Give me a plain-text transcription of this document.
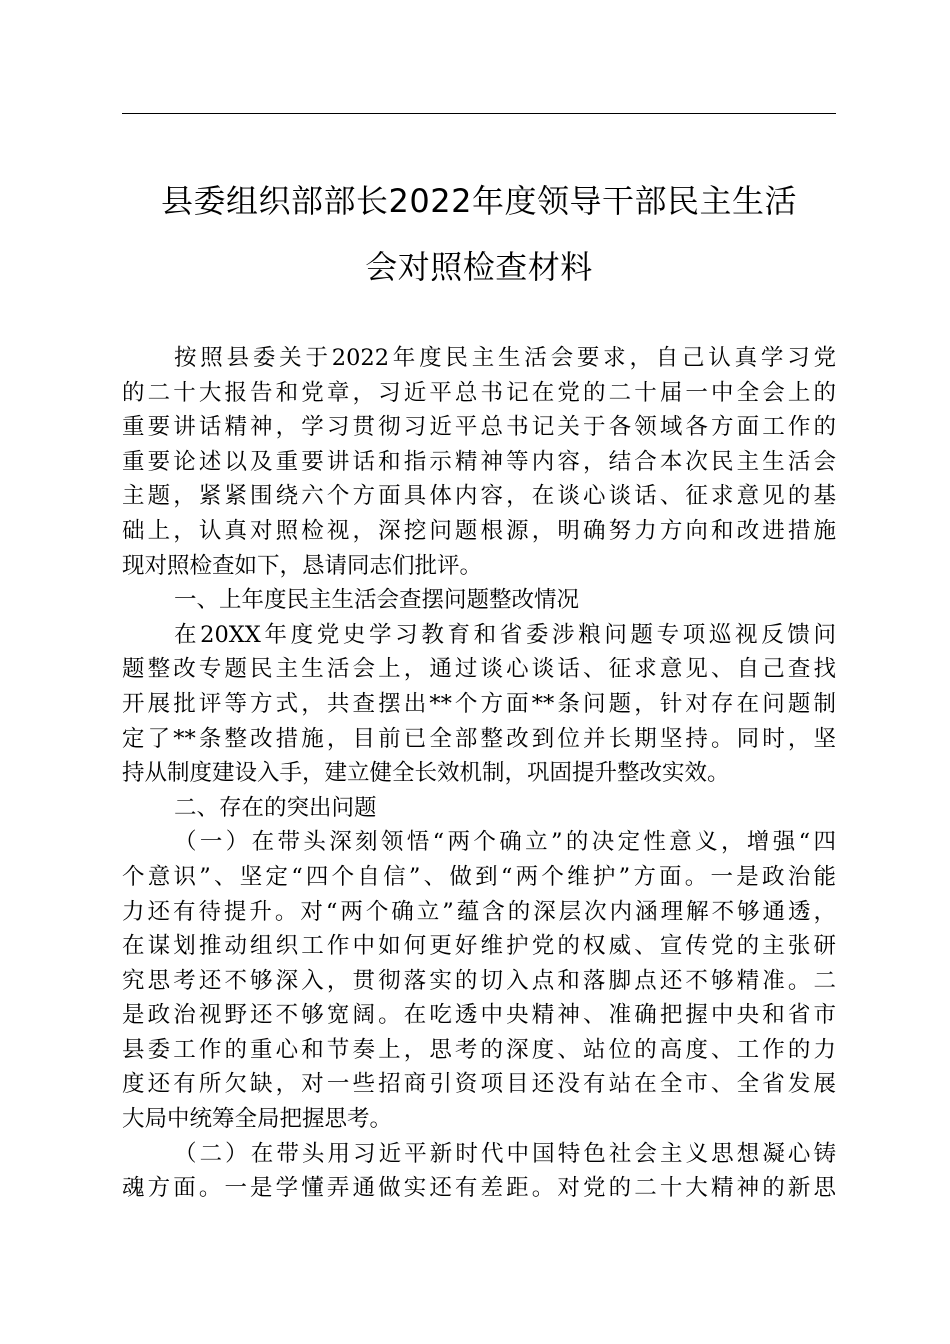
县委组织部部长2022年度领导干部民主生活
会对照检查材料
按照县委关于2022年度民主生活会要求，自己认真学习党
的二十大报告和党章，习近平总书记在党的二十届一中全会上的
重要讲话精神，学习贯彻习近平总书记关于各领域各方面工作的
重要论述以及重要讲话和指示精神等内容，结合本次民主生活会
主题，紧紧围绕六个方面具体内容，在谈心谈话、征求意见的基
础上，认真对照检视，深挖问题根源，明确努力方向和改进措施
现对照检查如下，恳请同志们批评。
一、上年度民主生活会查摆问题整改情况
在20XX年度党史学习教育和省委涉粮问题专项巡视反馈问
题整改专题民主生活会上，通过谈心谈话、征求意见、自己查找
开展批评等方式，共查摆出**个方面**条问题，针对存在问题制
定了**条整改措施，目前已全部整改到位并长期坚持。同时，坚
持从制度建设入手，建立健全长效机制，巩固提升整改实效。
二、存在的突出问题
（一）在带头深刻领悟“两个确立”的决定性意义，增强“四
个意识”、坚定“四个自信”、做到“两个维护”方面。一是政治能
力还有待提升。对“两个确立”蕴含的深层次内涵理解不够通透，
在谋划推动组织工作中如何更好维护党的权威、宣传党的主张研
究思考还不够深入，贯彻落实的切入点和落脚点还不够精准。二
是政治视野还不够宽阔。在吃透中央精神、准确把握中央和省市
县委工作的重心和节奏上，思考的深度、站位的高度、工作的力
度还有所欠缺，对一些招商引资项目还没有站在全市、全省发展
大局中统筹全局把握思考。
（二）在带头用习近平新时代中国特色社会主义思想凝心铸
魂方面。一是学懂弄通做实还有差距。对党的二十大精神的新思
